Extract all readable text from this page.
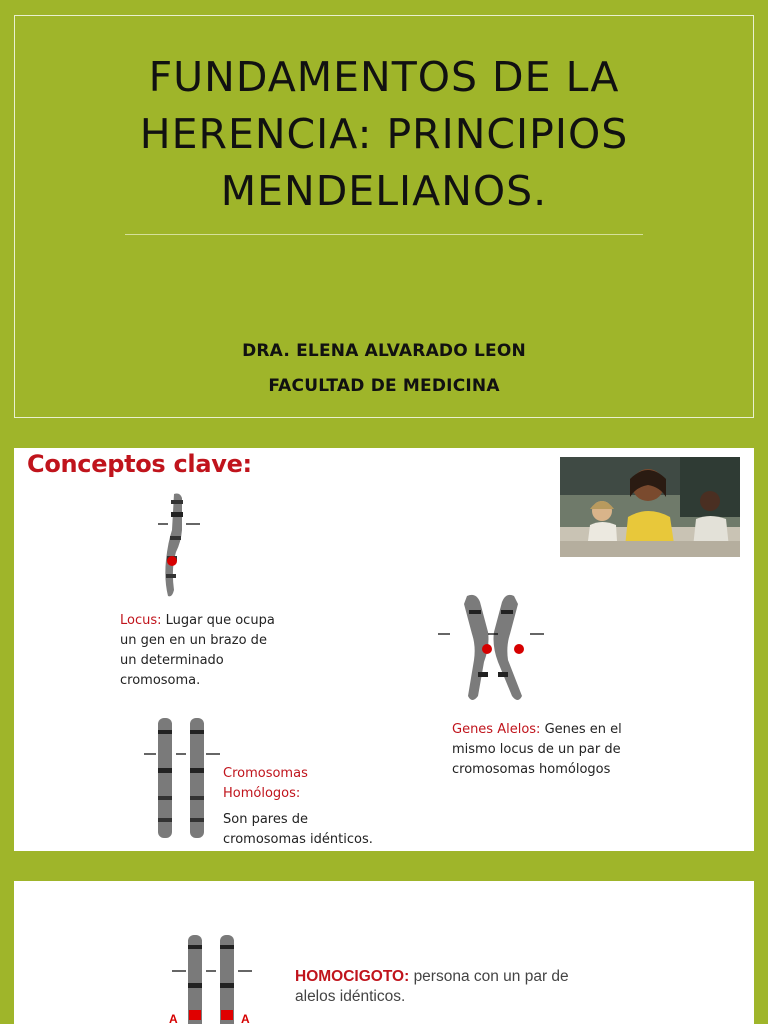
FUNDAMENTOS DE LA
HERENCIA: PRINCIPIOS
MENDELIANOS.
DRA. ELENA ALVARADO LEON
FACULTAD DE MEDICINA
Conceptos clave:
Locus: Lugar que ocupa
un gen en un brazo de
un determinado
cromosoma.
Genes Alelos: Genes en el
mismo locus de un par de
cromosomas homólogos
Cromosomas
Homólogos:
Son pares de
cromosomas idénticos.
A	A
HOMOCIGOTO: persona con un par de
alelos idénticos.
